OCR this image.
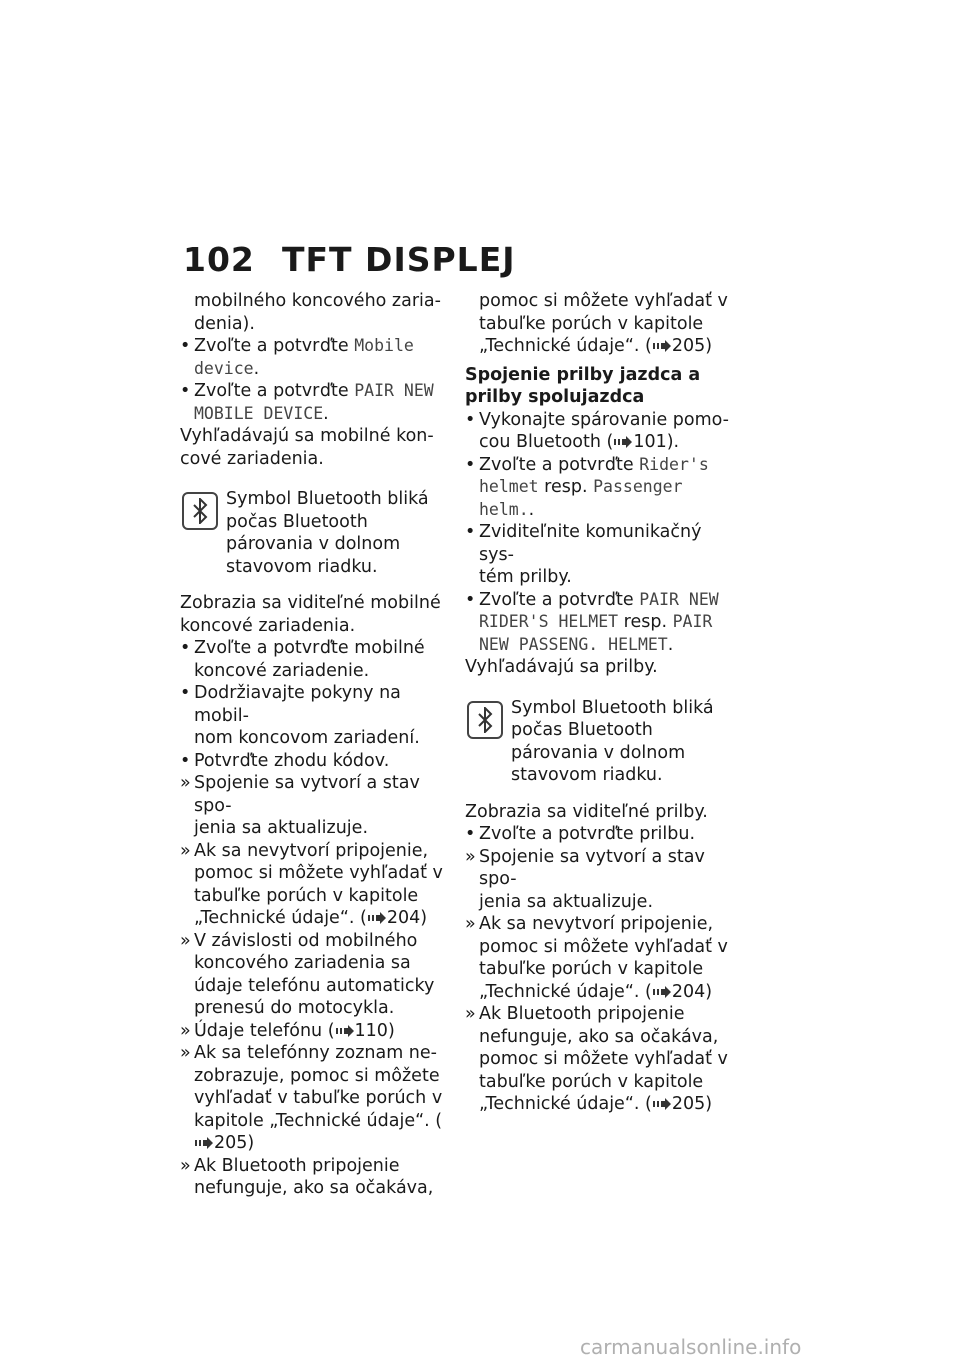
102 TFT DISPLEJ

mobilného koncového zaria-
denia).

• Zvoľte a potvrďte Mobile device.
• Zvoľte a potvrďte PAIR NEW MOBILE DEVICE.

Vyhľadávajú sa mobilné kon-
cové zariadenia.

Symbol Bluetooth bliká počas Bluetooth párovania v dolnom stavovom riadku.

Zobrazia sa viditeľné mobilné koncové zariadenia.

• Zvoľte a potvrďte mobilné koncové zariadenie.
• Dodržiavajte pokyny na mobil-
nom koncovom zariadení.
• Potvrďte zhodu kódov.
» Spojenie sa vytvorí a stav spo-
jenia sa aktualizuje.
» Ak sa nevytvorí pripojenie, pomoc si môžete vyhľadať v tabuľke porúch v kapitole „Technické údaje“. ( 204)
» V závislosti od mobilného koncového zariadenia sa údaje telefónu automaticky prenesú do motocykla.
» Údaje telefónu ( 110)
» Ak sa telefónny zoznam ne-
zobrazuje, pomoc si môžete vyhľadať v tabuľke porúch v kapitole „Technické údaje“. (205)
» Ak Bluetooth pripojenie nefunguje, ako sa očakáva,

pomoc si môžete vyhľadať v tabuľke porúch v kapitole „Technické údaje“. ( 205)

Spojenie prilby jazdca a prilby spolujazdca

• Vykonajte spárovanie pomo-
cou Bluetooth ( 101).
• Zvoľte a potvrďte Rider's helmet resp. Passenger helm..
• Zviditeľnite komunikačný sys-
tém prilby.
• Zvoľte a potvrďte PAIR NEW RIDER'S HELMET resp. PAIR NEW PASSENG. HELMET.

Vyhľadávajú sa prilby.

Symbol Bluetooth bliká počas Bluetooth párovania v dolnom stavovom riadku.

Zobrazia sa viditeľné prilby.

• Zvoľte a potvrďte prilbu.
» Spojenie sa vytvorí a stav spo-
jenia sa aktualizuje.
» Ak sa nevytvorí pripojenie, pomoc si môžete vyhľadať v tabuľke porúch v kapitole „Technické údaje“. ( 204)
» Ak Bluetooth pripojenie nefunguje, ako sa očakáva, pomoc si môžete vyhľadať v tabuľke porúch v kapitole „Technické údaje“. ( 205)
carmanualsonline.info
